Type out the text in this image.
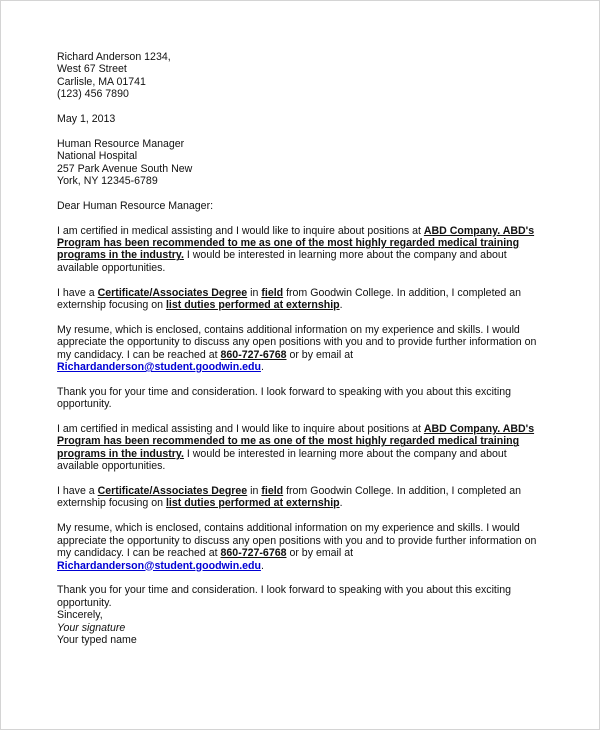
Richard Anderson 1234,
West 67 Street
Carlisle, MA 01741
(123) 456 7890
May 1, 2013
Human Resource Manager
National Hospital
257 Park Avenue South New
York, NY 12345-6789
Dear Human Resource Manager:

I am certified in medical assisting and I would like to inquire about positions at ABD Company. ABD's Program has been recommended to me as one of the most highly regarded medical training programs in the industry. I would be interested in learning more about the company and about available opportunities.

I have a Certificate/Associates Degree in field from Goodwin College. In addition, I completed an externship focusing on list duties performed at externship.

My resume, which is enclosed, contains additional information on my experience and skills. I would appreciate the opportunity to discuss any open positions with you and to provide further information on my candidacy. I can be reached at 860-727-6768 or by email at Richardanderson@student.goodwin.edu.

Thank you for your time and consideration. I look forward to speaking with you about this exciting opportunity.

I am certified in medical assisting and I would like to inquire about positions at ABD Company. ABD's Program has been recommended to me as one of the most highly regarded medical training programs in the industry. I would be interested in learning more about the company and about available opportunities.

I have a Certificate/Associates Degree in field from Goodwin College. In addition, I completed an externship focusing on list duties performed at externship.

My resume, which is enclosed, contains additional information on my experience and skills. I would appreciate the opportunity to discuss any open positions with you and to provide further information on my candidacy. I can be reached at 860-727-6768 or by email at Richardanderson@student.goodwin.edu.

Thank you for your time and consideration. I look forward to speaking with you about this exciting opportunity.

Sincerely,
Your signature
Your typed name
